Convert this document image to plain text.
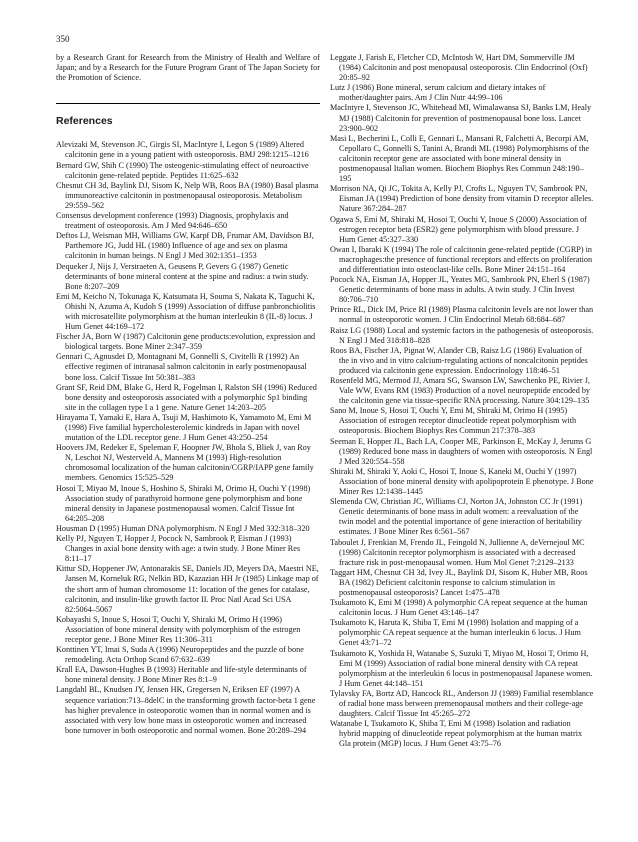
350

by a Research Grant for Research from the Ministry of Health and Welfare of Japan; and by a Research for the Future Program Grant of The Japan Society for the Promotion of Science.

References

Alevizaki M, Stevenson JC, Girgis SI, MacIntyre I, Legon S (1989) Altered calcitonin gene in a young patient with osteoporosis. BMJ 298:1215–1216

Bernard GW, Shih C (1990) The osteogenic-stimulating effect of neuroactive calcitonin gene-related peptide. Peptides 11:625–632

Chesnut CH 3d, Baylink DJ, Sisom K, Nelp WB, Roos BA (1980) Basal plasma immunoreactive calcitonin in postmenopausal osteoporosis. Metabolism 29:559–562

Consensus development conference (1993) Diagnosis, prophylaxis and treatment of osteoporosis. Am J Med 94:646–650

Deftos LJ, Weisman MH, Williams GW, Karpf DB, Frumar AM, Davidson BJ, Parthemore JG, Judd HL (1980) Influence of age and sex on plasma calcitonin in human beings. N Engl J Med 302:1351–1353

Dequeker J, Nijs J, Verstraeten A, Geusens P, Gevers G (1987) Genetic determinants of bone mineral content at the spine and radius: a twin study. Bone 8:207–209

Emi M, Keicho N, Tokunaga K, Katsumata H, Souma S, Nakata K, Taguchi K, Ohishi N, Azuma A, Kudoh S (1999) Association of diffuse panbronchiolitis with microsatellite polymorphism at the human interleukin 8 (IL-8) locus. J Hum Genet 44:169–172

Fischer JA, Born W (1987) Calcitonin gene products:evolution, expression and biological targets. Bone Miner 2:347–359

Gennari C, Agnusdei D, Montagnani M, Gonnelli S, Civitelli R (1992) An effective regimen of intranasal salmon calcitonin in early postmenopausal bone loss. Calcif Tissue Int 50:381–383

Grant SF, Reid DM, Blake G, Herd R, Fogelman I, Ralston SH (1996) Reduced bone density and osteoporosis associated with a polymorphic Sp1 binding site in the collagen type I a 1 gene. Nature Genet 14:203–205

Hirayama T, Yamaki E, Hara A, Tsuji M, Hashimoto K, Yamamoto M, Emi M (1998) Five familial hypercholesterolemic kindreds in Japan with novel mutation of the LDL receptor gene. J Hum Genet 43:250–254

Hoovers JM, Redeker E, Speleman F, Hoopner JW, Bhola S, Bliek J, van Roy N, Leschot NJ, Westerveld A, Mannens M (1993) High-resolution chromosomal localization of the human calcitonin/CGRP/IAPP gene family members. Genomics 15:525–529

Hosoi T, Miyao M, Inoue S, Hoshino S, Shiraki M, Orimo H, Ouchi Y (1998) Association study of parathyroid hormone gene polymorphism and bone mineral density in Japanese postmenopausal women. Calcif Tissue Int 64:205–208

Housman D (1995) Human DNA polymorphism. N Engl J Med 332:318–320

Kelly PJ, Nguyen T, Hopper J, Pocock N, Sambrook P, Eisman J (1993) Changes in axial bone density with age: a twin study. J Bone Miner Res 8:11–17

Kittur SD, Hoppener JW, Antonarakis SE, Daniels JD, Meyers DA, Maestri NE, Jansen M, Korneluk RG, Nelkin BD, Kazazian HH Jr (1985) Linkage map of the short arm of human chromosome 11: location of the genes for catalase, calcitonin, and insulin-like growth factor II. Proc Natl Acad Sci USA 82:5064–5067

Kobayashi S, Inoue S, Hosoi T, Ouchi Y, Shiraki M, Orimo H (1996) Association of bone mineral density with polymorphism of the estrogen receptor gene. J Bone Miner Res 11:306–311

Konttinen YT, Imai S, Suda A (1996) Neuropeptides and the puzzle of bone remodeling. Acta Orthop Scand 67:632–639

Krall EA, Dawson-Hughes B (1993) Heritable and life-style determinants of bone mineral density. J Bone Miner Res 8:1–9

Langdahl BL, Knudsen JY, Jensen HK, Gregersen N, Eriksen EF (1997) A sequence variation:713–8delC in the transforming growth factor-beta 1 gene has higher prevalence in osteoporotic women than in normal women and is associated with very low bone mass in osteoporotic women and increased bone turnover in both osteoporotic and normal women. Bone 20:289–294

Leggate J, Farish E, Fletcher CD, McIntosh W, Hart DM, Sommerville JM (1984) Calcitonin and post menopausal osteoporosis. Clin Endocrinol (Oxf) 20:85–92

Lutz J (1986) Bone mineral, serum calcium and dietary intakes of mother/daughter pairs. Am J Clin Nutr 44:99–106

MacIntyre I, Stevenson JC, Whitehead MI, Wimalawansa SJ, Banks LM, Healy MJ (1988) Calcitonin for prevention of postmenopausal bone loss. Lancet 23:900–902

Masi L, Becherini L, Colli E, Gennari L, Mansani R, Falchetti A, Becorpi AM, Cepollaro C, Gonnelli S, Tanini A, Brandi ML (1998) Polymorphisms of the calcitonin receptor gene are associated with bone mineral density in postmenopausal Italian women. Biochem Biophys Res Commun 248:190–195

Morrison NA, Qi JC, Tokita A, Kelly PJ, Crofts L, Nguyen TV, Sambrook PN, Eisman JA (1994) Prediction of bone density from vitamin D receptor alleles. Nature 367:284–287

Ogawa S, Emi M, Shiraki M, Hosoi T, Ouchi Y, Inoue S (2000) Association of estrogen receptor beta (ESR2) gene polymorphism with blood pressure. J Hum Genet 45:327–330

Owan I, Ibaraki K (1994) The role of calcitonin gene-related peptide (CGRP) in macrophages:the presence of functional receptors and effects on proliferation and differentiation into osteoclast-like cells. Bone Miner 24:151–164

Pocock NA, Eisman JA, Hopper JL, Yeates MG, Sambrook PN, Eberl S (1987) Genetic determinants of bone mass in adults. A twin study. J Clin Invest 80:706–710

Prince RL, Dick IM, Price RI (1989) Plasma calcitonin levels are not lower than normal in osteoporotic women. J Clin Endocrinol Metab 68:684–687

Raisz LG (1988) Local and systemic factors in the pathogenesis of osteoporosis. N Engl J Med 318:818–828

Roos BA, Fischer JA, Pignat W, Alander CB, Raisz LG (1986) Evaluation of the in vivo and in vitro calcium-regulating actions of noncalcitonin peptides produced via calcitonin gene expression. Endocrinology 118:46–51

Rosenfeld MG, Mermod JJ, Amara SG, Swanson LW, Sawchenko PE, Rivier J, Vale WW, Evans RM (1983) Production of a novel neuropeptide encoded by the calcitonin gene via tissue-specific RNA processing. Nature 304:129–135

Sano M, Inoue S, Hosoi T, Ouchi Y, Emi M, Shiraki M, Orimo H (1995) Association of estrogen receptor dinucleotide repeat polymorphism with osteoporosis. Biochem Biophys Res Commun 217:378–383

Seeman E, Hopper JL, Bach LA, Cooper ME, Parkinson E, McKay J, Jerums G (1989) Reduced bone mass in daughters of women with osteoporosis. N Engl J Med 320:554–558

Shiraki M, Shiraki Y, Aoki C, Hosoi T, Inoue S, Kaneki M, Ouchi Y (1997) Association of bone mineral density with apolipoprotein E phenotype. J Bone Miner Res 12:1438–1445

Slemenda CW, Christian JC, Williams CJ, Norton JA, Johnston CC Jr (1991) Genetic determinants of bone mass in adult women: a reevaluation of the twin model and the potential importance of gene interaction of heritability estimates. J Bone Miner Res 6:561–567

Taboulet J, Frenkian M, Frendo JL, Feingold N, Jullienne A, deVernejoul MC (1998) Calcitonin receptor polymorphism is associated with a decreased fracture risk in post-menopausal women. Hum Mol Genet 7:2129–2133

Taggart HM, Chesnut CH 3d, Ivey JL, Baylink DJ, Sisom K, Huber MB, Roos BA (1982) Deficient calcitonin response to calcium stimulation in postmenopausal osteoporosis? Lancet 1:475–478

Tsukamoto K, Emi M (1998) A polymorphic CA repeat sequence at the human calcitonin locus. J Hum Genet 43:146–147

Tsukamoto K, Haruta K, Shiba T, Emi M (1998) Isolation and mapping of a polymorphic CA repeat sequence at the human interleukin 6 locus. J Hum Genet 43:71–72

Tsukamoto K, Yoshida H, Watanabe S, Suzuki T, Miyao M, Hosoi T, Orimo H, Emi M (1999) Association of radial bone mineral density with CA repeat polymorphism at the interleukin 6 locus in postmenopausal Japanese women. J Hum Genet 44:148–151

Tylavsky FA, Bortz AD, Hancock RL, Anderson JJ (1989) Familial resemblance of radial bone mass between premenopausal mothers and their college-age daughters. Calcif Tissue Int 45:265–272

Watanabe I, Tsukamoto K, Shiba T, Emi M (1998) Isolation and radiation hybrid mapping of dinucleotide repeat polymorphism at the human matrix Gla protein (MGP) locus. J Hum Genet 43:75–76
